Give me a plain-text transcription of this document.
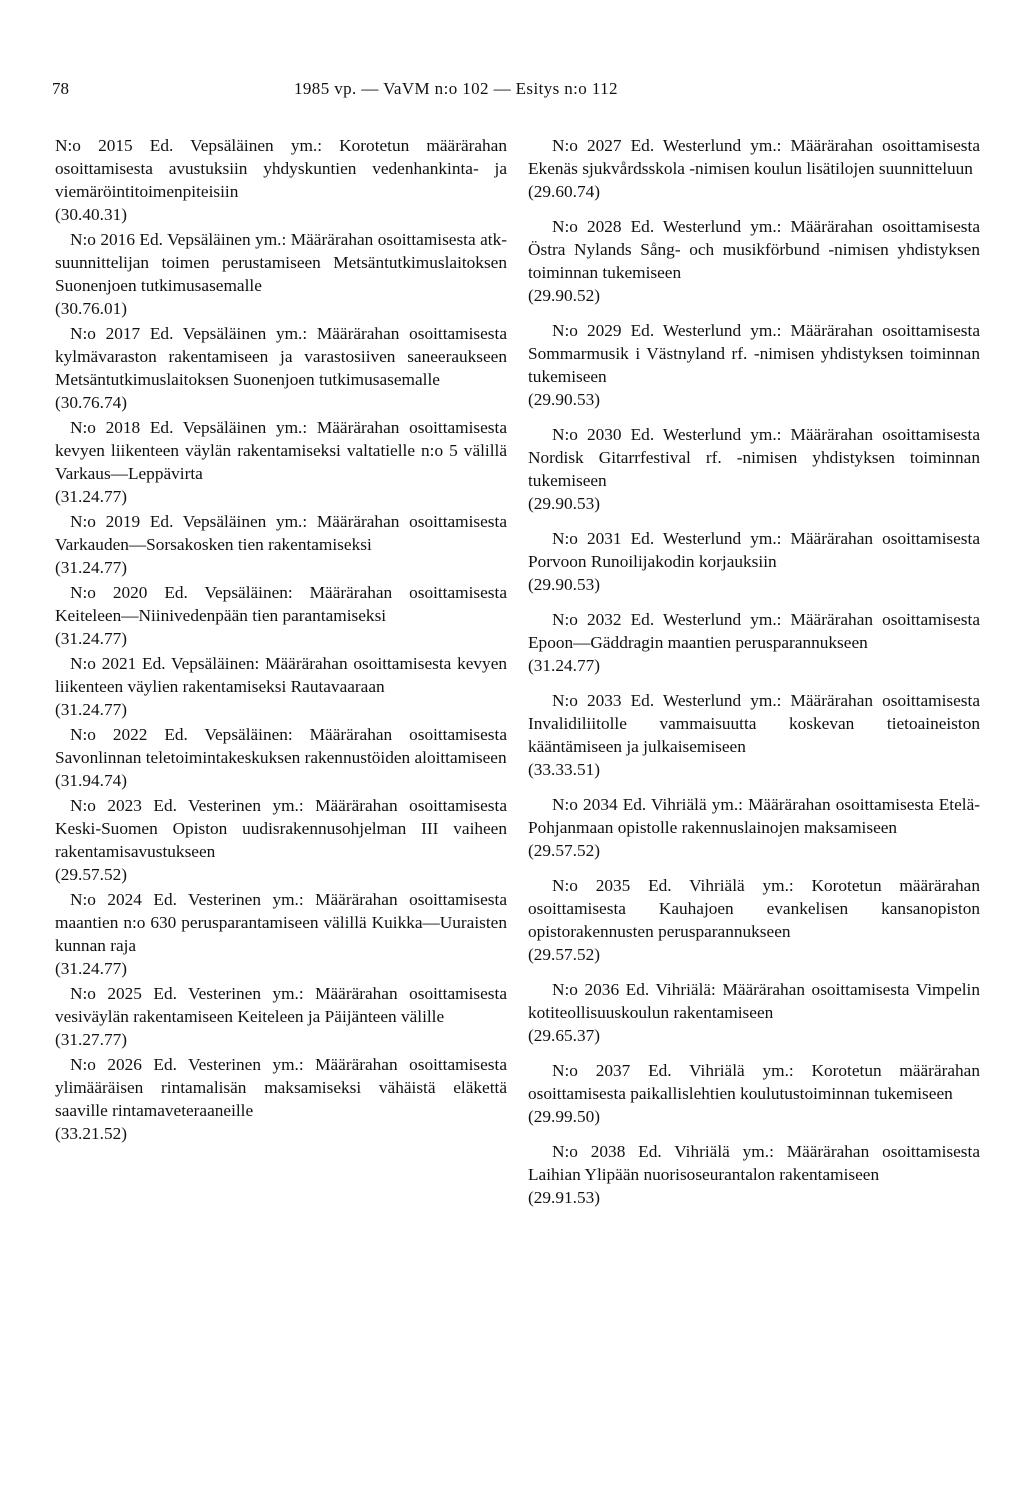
78	1985 vp. — VaVM n:o 102 — Esitys n:o 112

N:o 2015 Ed. Vepsäläinen ym.: Korotetun määrärahan osoittamisesta avustuksiin yhdyskuntien vedenhankinta- ja viemäröintitoimenpiteisiin

(30.40.31)

N:o 2016 Ed. Vepsäläinen ym.: Määrärahan osoittamisesta atk-suunnittelijan toimen perustamiseen Metsäntutkimuslaitoksen Suonenjoen tutkimusasemalle

(30.76.01)

N:o 2017 Ed. Vepsäläinen ym.: Määrärahan osoittamisesta kylmävaraston rakentamiseen ja varastosiiven saneeraukseen Metsäntutkimuslaitoksen Suonenjoen tutkimusasemalle

(30.76.74)

N:o 2018 Ed. Vepsäläinen ym.: Määrärahan osoittamisesta kevyen liikenteen väylän rakentamiseksi valtatielle n:o 5 välillä Varkaus—Leppävirta

(31.24.77)

N:o 2019 Ed. Vepsäläinen ym.: Määrärahan osoittamisesta Varkauden—Sorsakosken tien rakentamiseksi

(31.24.77)

N:o 2020 Ed. Vepsäläinen: Määrärahan osoittamisesta Keiteleen—Niinivedenpään tien parantamiseksi

(31.24.77)

N:o 2021 Ed. Vepsäläinen: Määrärahan osoittamisesta kevyen liikenteen väylien rakentamiseksi Rautavaaraan

(31.24.77)

N:o 2022 Ed. Vepsäläinen: Määrärahan osoittamisesta Savonlinnan teletoimintakeskuksen rakennustöiden aloittamiseen

(31.94.74)

N:o 2023 Ed. Vesterinen ym.: Määrärahan osoittamisesta Keski-Suomen Opiston uudisrakennusohjelman III vaiheen rakentamisavustukseen

(29.57.52)

N:o 2024 Ed. Vesterinen ym.: Määrärahan osoittamisesta maantien n:o 630 perusparantamiseen välillä Kuikka—Uuraisten kunnan raja

(31.24.77)

N:o 2025 Ed. Vesterinen ym.: Määrärahan osoittamisesta vesiväylän rakentamiseen Keiteleen ja Päijänteen välille

(31.27.77)

N:o 2026 Ed. Vesterinen ym.: Määrärahan osoittamisesta ylimääräisen rintamalisän maksamiseksi vähäistä eläkettä saaville rintamaveteraaneille

(33.21.52)

N:o 2027 Ed. Westerlund ym.: Määrärahan osoittamisesta Ekenäs sjukvårdsskola -nimisen koulun lisätilojen suunnitteluun

(29.60.74)

N:o 2028 Ed. Westerlund ym.: Määrärahan osoittamisesta Östra Nylands Sång- och musikförbund -nimisen yhdistyksen toiminnan tukemiseen

(29.90.52)

N:o 2029 Ed. Westerlund ym.: Määrärahan osoittamisesta Sommarmusik i Västnyland rf. -nimisen yhdistyksen toiminnan tukemiseen

(29.90.53)

N:o 2030 Ed. Westerlund ym.: Määrärahan osoittamisesta Nordisk Gitarrfestival rf. -nimisen yhdistyksen toiminnan tukemiseen

(29.90.53)

N:o 2031 Ed. Westerlund ym.: Määrärahan osoittamisesta Porvoon Runoilijakodin korjauksiin

(29.90.53)

N:o 2032 Ed. Westerlund ym.: Määrärahan osoittamisesta Epoon—Gäddragin maantien perusparannukseen

(31.24.77)

N:o 2033 Ed. Westerlund ym.: Määrärahan osoittamisesta Invalidiliitolle vammaisuutta koskevan tietoaineiston kääntämiseen ja julkaisemiseen

(33.33.51)

N:o 2034 Ed. Vihriälä ym.: Määrärahan osoittamisesta Etelä-Pohjanmaan opistolle rakennuslainojen maksamiseen

(29.57.52)

N:o 2035 Ed. Vihriälä ym.: Korotetun määrärahan osoittamisesta Kauhajoen evankelisen kansanopiston opistorakennusten perusparannukseen

(29.57.52)

N:o 2036 Ed. Vihriälä: Määrärahan osoittamisesta Vimpelin kotiteollisuuskoulun rakentamiseen

(29.65.37)

N:o 2037 Ed. Vihriälä ym.: Korotetun määrärahan osoittamisesta paikallislehtien koulutustoiminnan tukemiseen

(29.99.50)

N:o 2038 Ed. Vihriälä ym.: Määrärahan osoittamisesta Laihian Ylipään nuorisoseurantalon rakentamiseen

(29.91.53)
